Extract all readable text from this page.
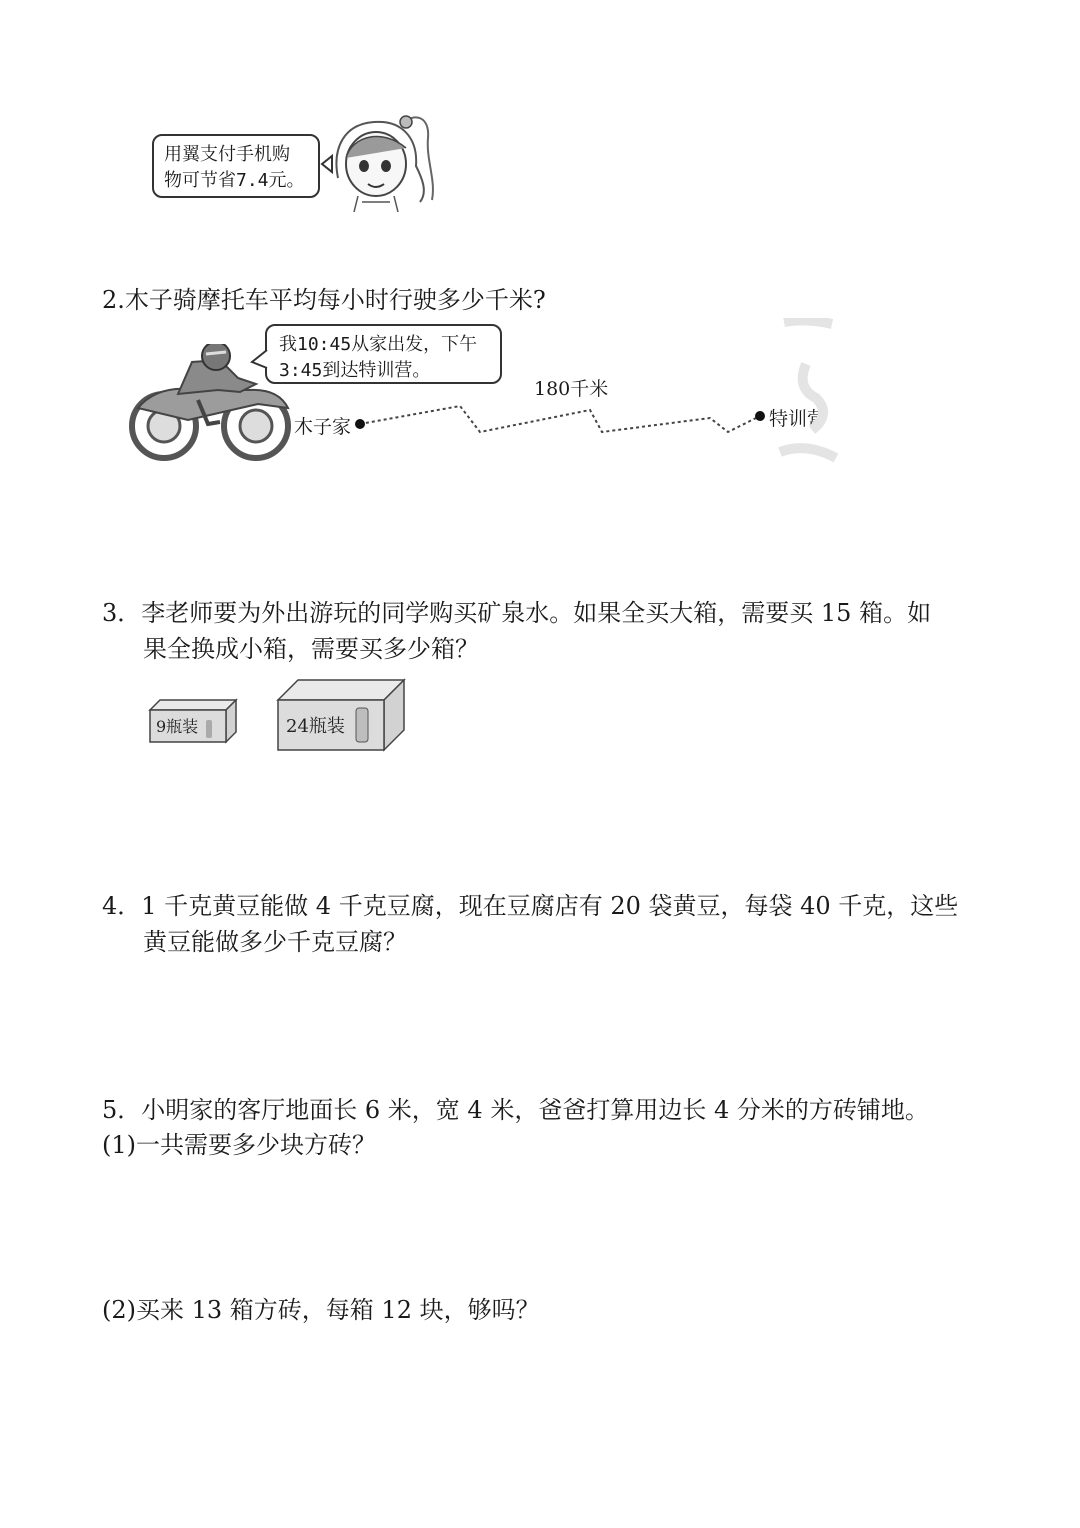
用翼支付手机购
物可节省7.4元。
2.木子骑摩托车平均每小时行驶多少千米?
我10:45从家出发，下午
3:45到达特训营。
180千米
木子家	特训营
3．李老师要为外出游玩的同学购买矿泉水。如果全买大箱，需要买 15 箱。如
果全换成小箱，需要买多少箱？
9瓶装	24瓶装
4．1 千克黄豆能做 4 千克豆腐，现在豆腐店有 20 袋黄豆，每袋 40 千克，这些
黄豆能做多少千克豆腐？
5．小明家的客厅地面长 6 米，宽 4 米，爸爸打算用边长 4 分米的方砖铺地。
(1)一共需要多少块方砖？
(2)买来 13 箱方砖，每箱 12 块，够吗？
